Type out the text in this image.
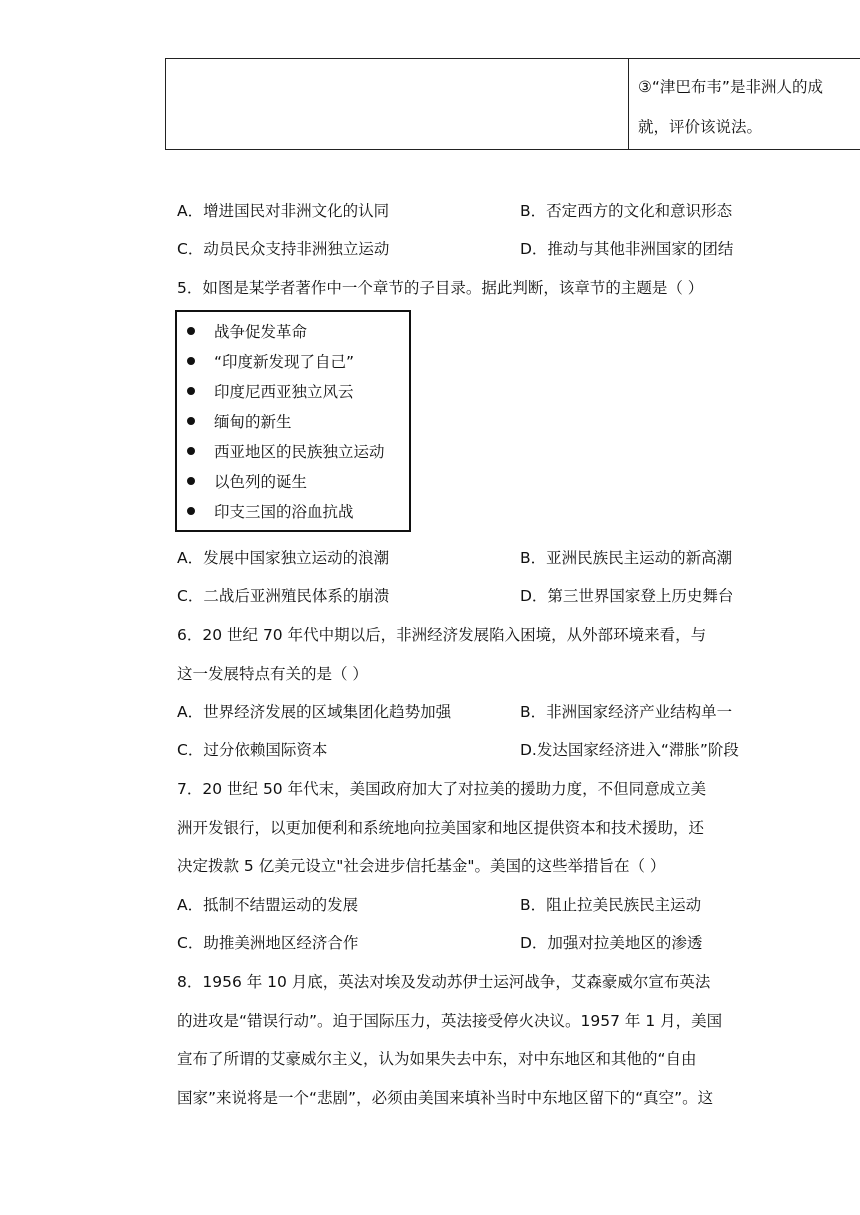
③“津巴布韦”是非洲人的成
就，评价该说法。
A．增进国民对非洲文化的认同	B．否定西方的文化和意识形态
C．动员民众支持非洲独立运动	D．推动与其他非洲国家的团结
5．如图是某学者著作中一个章节的子目录。据此判断，该章节的主题是（ ）
战争促发革命
“印度新发现了自己”
印度尼西亚独立风云
缅甸的新生
西亚地区的民族独立运动
以色列的诞生
印支三国的浴血抗战
A．发展中国家独立运动的浪潮	B．亚洲民族民主运动的新高潮
C．二战后亚洲殖民体系的崩溃	D．第三世界国家登上历史舞台
6．20 世纪 70 年代中期以后，非洲经济发展陷入困境，从外部环境来看，与
这一发展特点有关的是（ ）
A．世界经济发展的区域集团化趋势加强	B．非洲国家经济产业结构单一
C．过分依赖国际资本	D.发达国家经济进入“滞胀”阶段
7．20 世纪 50 年代末，美国政府加大了对拉美的援助力度，不但同意成立美
洲开发银行，以更加便利和系统地向拉美国家和地区提供资本和技术援助，还
决定拨款 5 亿美元设立"社会进步信托基金"。美国的这些举措旨在（ ）
A．抵制不结盟运动的发展	B．阻止拉美民族民主运动
C．助推美洲地区经济合作	D．加强对拉美地区的渗透
8．1956 年 10 月底，英法对埃及发动苏伊士运河战争，艾森豪威尔宣布英法
的进攻是“错误行动”。迫于国际压力，英法接受停火决议。1957 年 1 月，美国
宣布了所谓的艾豪威尔主义，认为如果失去中东，对中东地区和其他的“自由
国家”来说将是一个“悲剧”，必须由美国来填补当时中东地区留下的“真空”。这
